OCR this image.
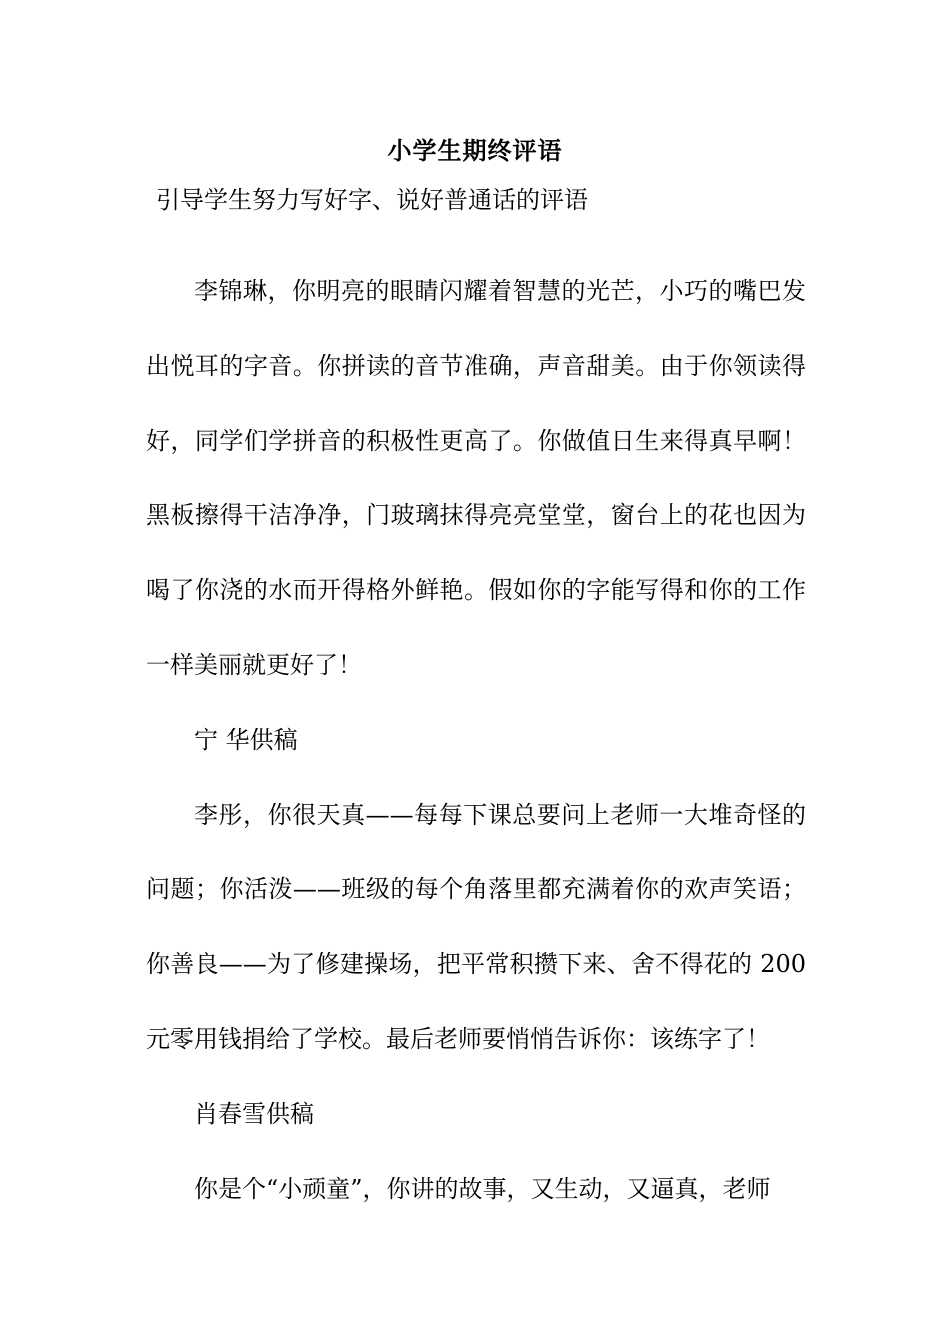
小学生期终评语
引导学生努力写好字、说好普通话的评语

李锦琳，你明亮的眼睛闪耀着智慧的光芒，小巧的嘴巴发出悦耳的字音。你拼读的音节准确，声音甜美。由于你领读得好，同学们学拼音的积极性更高了。你做值日生来得真早啊！黑板擦得干洁净净，门玻璃抹得亮亮堂堂，窗台上的花也因为喝了你浇的水而开得格外鲜艳。假如你的字能写得和你的工作一样美丽就更好了！

宁 华供稿

李彤，你很天真——每每下课总要问上老师一大堆奇怪的问题；你活泼——班级的每个角落里都充满着你的欢声笑语；你善良——为了修建操场，把平常积攒下来、舍不得花的 200元零用钱捐给了学校。最后老师要悄悄告诉你：该练字了！

肖春雪供稿

你是个“小顽童”，你讲的故事，又生动，又逼真，老师
